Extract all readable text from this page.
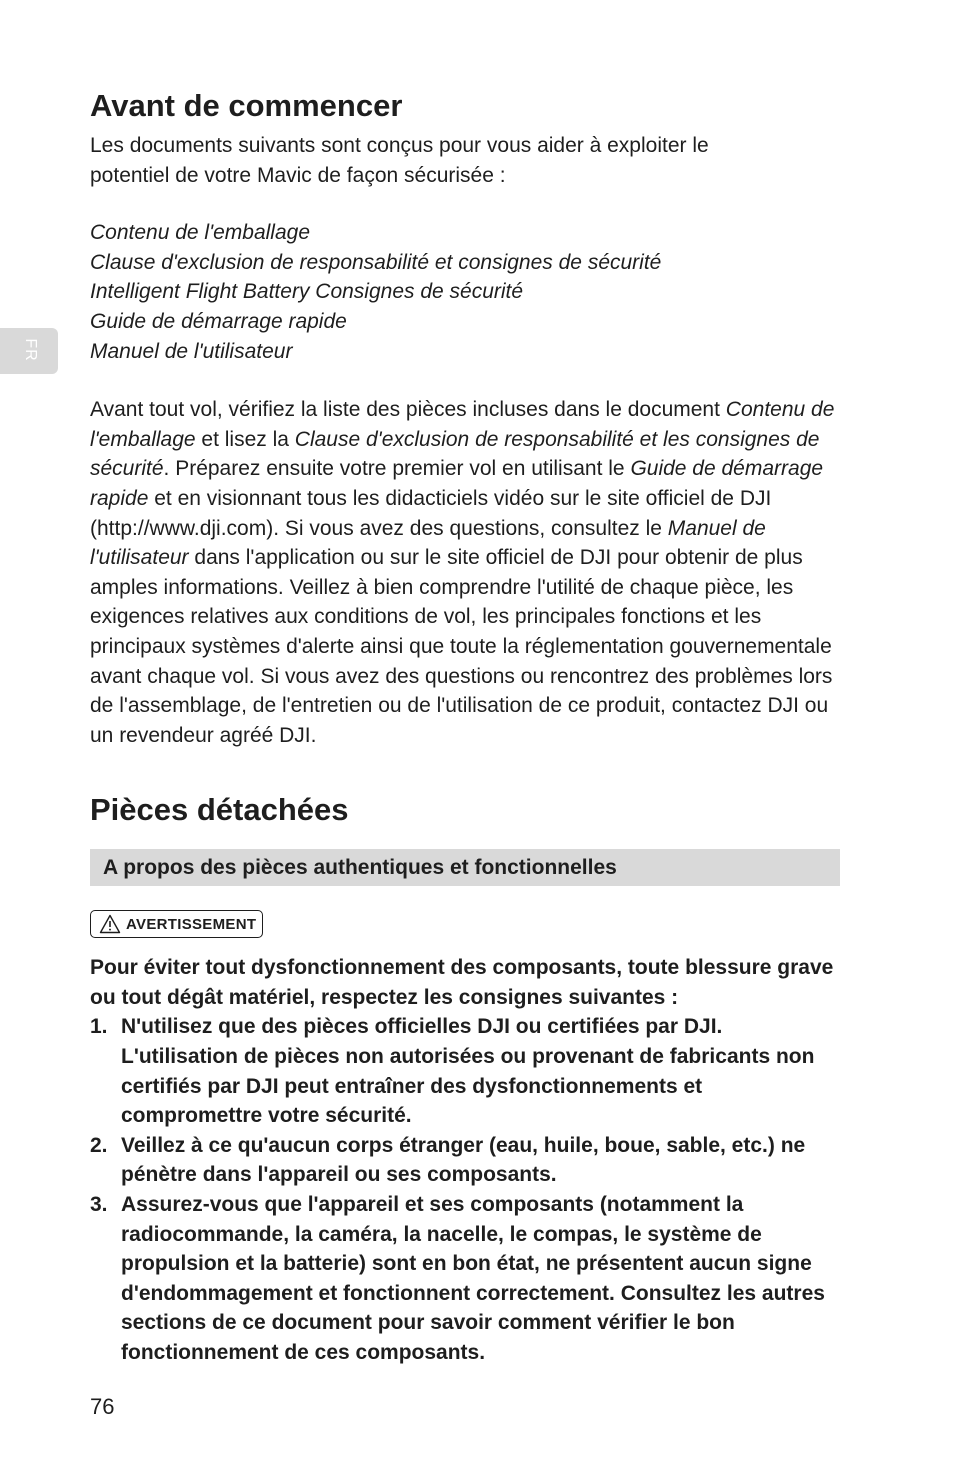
FR
Avant de commencer

Les documents suivants sont conçus pour vous aider à exploiter le
potentiel de votre Mavic de façon sécurisée :

Contenu de l'emballage
Clause d'exclusion de responsabilité et consignes de sécurité
Intelligent Flight Battery Consignes de sécurité
Guide de démarrage rapide
Manuel de l'utilisateur

Avant tout vol, vérifiez la liste des pièces incluses dans le document Contenu de l'emballage et lisez la Clause d'exclusion de responsabilité et les consignes de sécurité. Préparez ensuite votre premier vol en utilisant le Guide de démarrage rapide et en visionnant tous les didacticiels vidéo sur le site officiel de DJI (http://www.dji.com). Si vous avez des questions, consultez le Manuel de l'utilisateur dans l'application ou sur le site officiel de DJI pour obtenir de plus amples informations. Veillez à bien comprendre l'utilité de chaque pièce, les exigences relatives aux conditions de vol, les principales fonctions et les principaux systèmes d'alerte ainsi que toute la réglementation gouvernementale avant chaque vol. Si vous avez des questions ou rencontrez des problèmes lors de l'assemblage, de l'entretien ou de l'utilisation de ce produit, contactez DJI ou un revendeur agréé DJI.

Pièces détachées
A propos des pièces authentiques et fonctionnelles
AVERTISSEMENT
Pour éviter tout dysfonctionnement des composants, toute blessure grave ou tout dégât matériel, respectez les consignes suivantes :
1. N'utilisez que des pièces officielles DJI ou certifiées par DJI. L'utilisation de pièces non autorisées ou provenant de fabricants non certifiés par DJI peut entraîner des dysfonctionnements et compromettre votre sécurité.
2. Veillez à ce qu'aucun corps étranger (eau, huile, boue, sable, etc.) ne pénètre dans l'appareil ou ses composants.
3. Assurez-vous que l'appareil et ses composants (notamment la radiocommande, la caméra, la nacelle, le compas, le système de propulsion et la batterie) sont en bon état, ne présentent aucun signe d'endommagement et fonctionnent correctement. Consultez les autres sections de ce document pour savoir comment vérifier le bon fonctionnement de ces composants.
76
